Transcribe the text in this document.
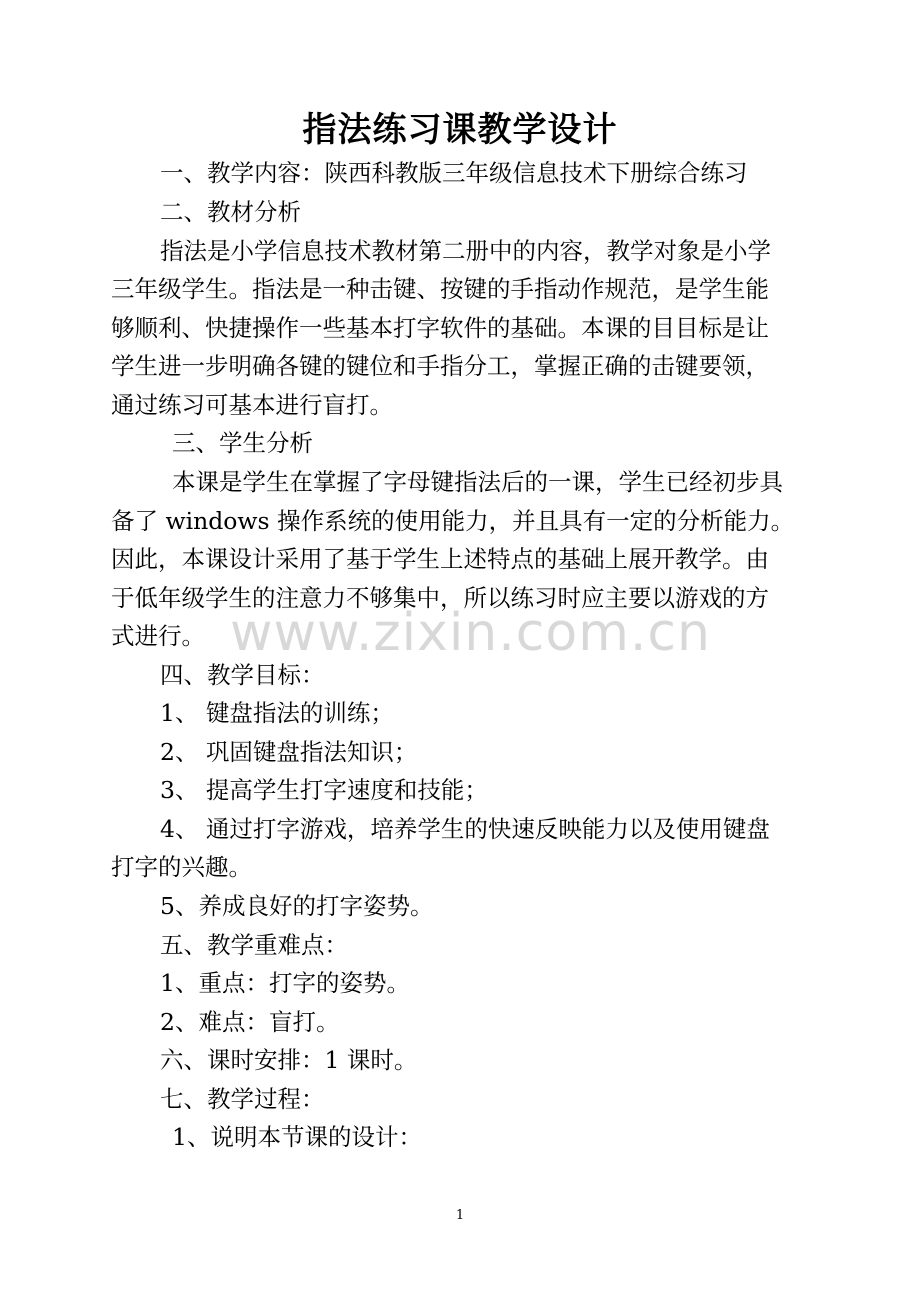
指法练习课教学设计
一、教学内容：陕西科教版三年级信息技术下册综合练习
二、教材分析
指法是小学信息技术教材第二册中的内容，教学对象是小学
三年级学生。指法是一种击键、按键的手指动作规范，是学生能
够顺利、快捷操作一些基本打字软件的基础。本课的目目标是让
学生进一步明确各键的键位和手指分工，掌握正确的击键要领，
通过练习可基本进行盲打。
三、学生分析
本课是学生在掌握了字母键指法后的一课，学生已经初步具
备了 windows 操作系统的使用能力，并且具有一定的分析能力。
因此，本课设计采用了基于学生上述特点的基础上展开教学。由
于低年级学生的注意力不够集中，所以练习时应主要以游戏的方
式进行。
四、教学目标：
1、 键盘指法的训练；
2、 巩固键盘指法知识；
3、 提高学生打字速度和技能；
4、 通过打字游戏，培养学生的快速反映能力以及使用键盘
打字的兴趣。
5、养成良好的打字姿势。
五、教学重难点：
1、重点：打字的姿势。
2、难点：盲打。
六、课时安排：1 课时。
七、教学过程：
1、说明本节课的设计：
www.zixin.com.cn
1
